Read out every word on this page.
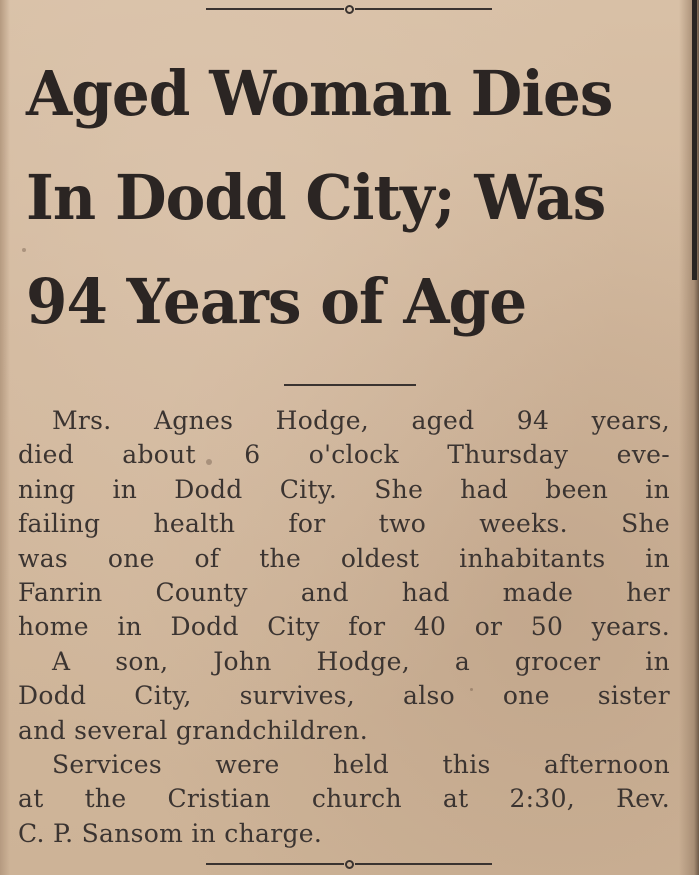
Aged Woman Dies
In Dodd City; Was
94 Years of Age
Mrs. Agnes Hodge, aged 94 years,
died about 6 o'clock Thursday eve-
ning in Dodd City. She had been in
failing health for two weeks. She
was one of the oldest inhabitants in
Fanrin County and had made her
home in Dodd City for 40 or 50 years.
A son, John Hodge, a grocer in
Dodd City, survives, also one sister
and several grandchildren.
Services were held this afternoon
at the Cristian church at 2:30, Rev.
C. P. Sansom in charge.
